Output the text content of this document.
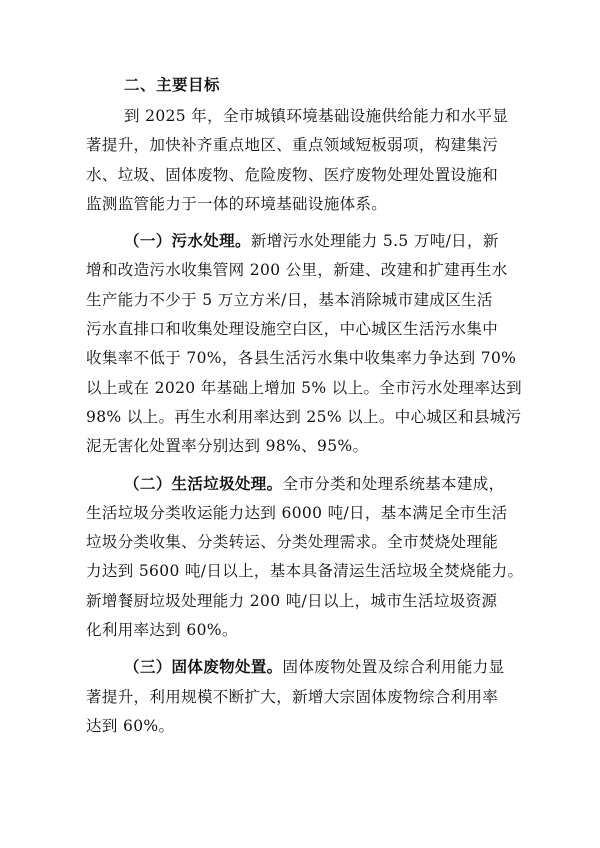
二、主要目标
到 2025 年，全市城镇环境基础设施供给能力和水平显
著提升，加快补齐重点地区、重点领域短板弱项，构建集污
水、垃圾、固体废物、危险废物、医疗废物处理处置设施和
监测监管能力于一体的环境基础设施体系。
（一）污水处理。新增污水处理能力 5.5 万吨/日，新
增和改造污水收集管网 200 公里，新建、改建和扩建再生水
生产能力不少于 5 万立方米/日，基本消除城市建成区生活
污水直排口和收集处理设施空白区，中心城区生活污水集中
收集率不低于 70%，各县生活污水集中收集率力争达到 70%
以上或在 2020 年基础上增加 5% 以上。全市污水处理率达到
98% 以上。再生水利用率达到 25% 以上。中心城区和县城污
泥无害化处置率分别达到 98%、95%。
（二）生活垃圾处理。全市分类和处理系统基本建成，
生活垃圾分类收运能力达到 6000 吨/日，基本满足全市生活
垃圾分类收集、分类转运、分类处理需求。全市焚烧处理能
力达到 5600 吨/日以上，基本具备清运生活垃圾全焚烧能力。
新增餐厨垃圾处理能力 200 吨/日以上，城市生活垃圾资源
化利用率达到 60%。
（三）固体废物处置。固体废物处置及综合利用能力显
著提升，利用规模不断扩大，新增大宗固体废物综合利用率
达到 60%。
